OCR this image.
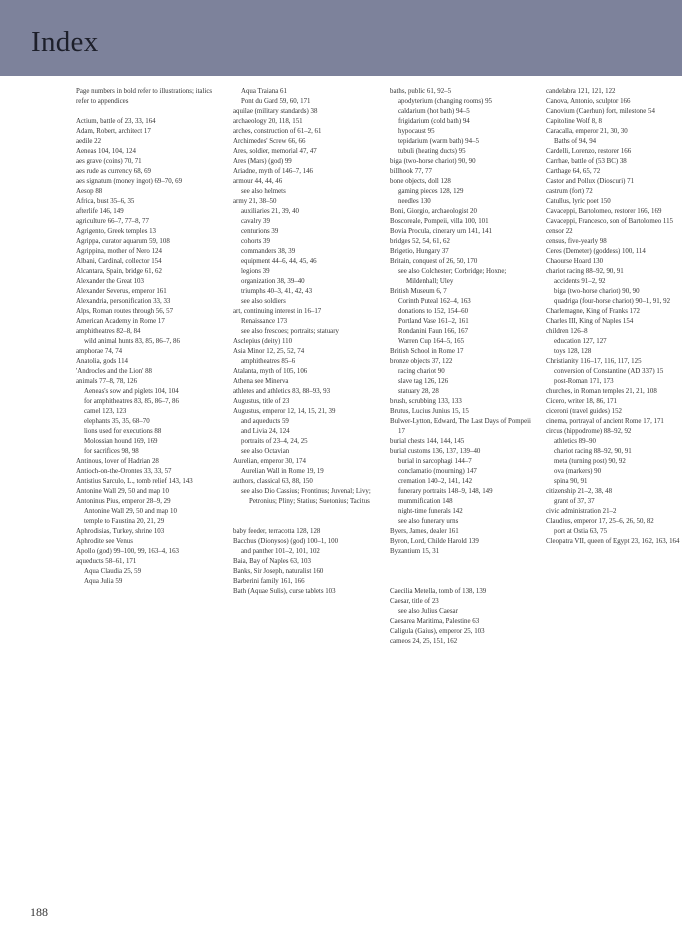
Index
Page numbers in bold refer to illustrations; italics refer to appendices
Actium, battle of 23, 33, 164
Adam, Robert, architect 17
aedile 22
Aeneas 104, 104, 124
aes grave (coins) 70, 71
aes rude as currency 68, 69
aes signatum (money ingot) 69–70, 69
Aesop 88
Africa, bust 35–6, 35
afterlife 146, 149
agriculture 66–7, 77–8, 77
Agrigento, Greek temples 13
Agrippa, curator aquarum 59, 108
Agrippina, mother of Nero 124
Albani, Cardinal, collector 154
Alcantara, Spain, bridge 61, 62
Alexander the Great 103
Alexander Severus, emperor 161
Alexandria, personification 33, 33
Alps, Roman routes through 56, 57
American Academy in Rome 17
amphitheatres 82–8, 84
wild animal hunts 83, 85, 86–7, 86
amphorae 74, 74
Anatolia, gods 114
'Androcles and the Lion' 88
animals 77–8, 78, 126
Aeneas's sow and piglets 104, 104
for amphitheatres 83, 85, 86–7, 86
camel 123, 123
elephants 35, 35, 68–70
lions used for executions 88
Molossian hound 169, 169
for sacrifices 98, 98
Antinous, lover of Hadrian 28
Antioch-on-the-Orontes 33, 33, 57
Antistius Sarculo, L., tomb relief 143, 143
Antonine Wall 29, 50 and map 10
Antoninus Pius, emperor 28–9, 29
Antonine Wall 29, 50 and map 10
temple to Faustina 20, 21, 29
Aphrodisias, Turkey, shrine 103
Aphrodite see Venus
Apollo (god) 99–100, 99, 163–4, 163
aqueducts 58–61, 171
Aqua Claudia 25, 59
Aqua Julia 59
Aqua Traiana 61
Pont du Gard 59, 60, 171
aquilae (military standards) 38
archaeology 20, 118, 151
arches, construction of 61–2, 61
Archimedes' Screw 66, 66
Ares, soldier, memorial 47, 47
Ares (Mars) (god) 99
Ariadne, myth of 146–7, 146
armour 44, 44, 46
see also helmets
army 21, 38–50
auxiliaries 21, 39, 40
cavalry 39
centurions 39
cohorts 39
commanders 38, 39
equipment 44–6, 44, 45, 46
legions 39
organization 38, 39–40
triumphs 40–3, 41, 42, 43
see also soldiers
art, continuing interest in 16–17
Renaissance 173
see also frescoes; portraits; statuary
Asclepius (deity) 110
Asia Minor 12, 25, 52, 74
amphitheatres 85–6
Atalanta, myth of 105, 106
Athena see Minerva
athletes and athletics 83, 88–93, 93
Augustus, title of 23
Augustus, emperor 12, 14, 15, 21, 39
and aqueducts 59
and Livia 24, 124
portraits of 23–4, 24, 25
see also Octavian
Aurelian, emperor 30, 174
Aurelian Wall in Rome 19, 19
authors, classical 63, 88, 150
see also Dio Cassius; Frontinus; Juvenal; Livy; Petronius; Pliny; Statius; Suetonius; Tacitus
baby feeder, terracotta 128, 128
Bacchus (Dionysos) (god) 100–1, 100
and panther 101–2, 101, 102
Baia, Bay of Naples 63, 103
Banks, Sir Joseph, naturalist 160
Barberini family 161, 166
Bath (Aquae Sulis), curse tablets 103
baths, public 61, 92–5
apodyterium (changing rooms) 95
caldarium (hot bath) 94–5
frigidarium (cold bath) 94
hypocaust 95
tepidarium (warm bath) 94–5
tubuli (heating ducts) 95
biga (two-horse chariot) 90, 90
billhook 77, 77
bone objects, doll 128
gaming pieces 128, 129
needles 130
Boni, Giorgio, archaeologist 20
Boscoreale, Pompeii, villa 100, 101
Bovia Procula, cinerary urn 141, 141
bridges 52, 54, 61, 62
Brigetio, Hungary 37
Britain, conquest of 26, 50, 170
see also Colchester; Corbridge; Hoxne; Mildenhall; Uley
British Museum 6, 7
Corinth Puteal 162–4, 163
donations to 152, 154–60
Portland Vase 161–2, 161
Rondanini Faun 166, 167
Warren Cup 164–5, 165
British School in Rome 17
bronze objects 37, 122
racing chariot 90
slave tag 126, 126
statuary 28, 28
brush, scrubbing 133, 133
Brutus, Lucius Junius 15, 15
Bulwer-Lytton, Edward, The Last Days of Pompeii 17
burial chests 144, 144, 145
burial customs 136, 137, 139–40
burial in sarcophagi 144–7
conclamatio (mourning) 147
cremation 140–2, 141, 142
funerary portraits 148–9, 148, 149
mummification 148
night-time funerals 142
see also funerary urns
Byers, James, dealer 161
Byron, Lord, Childe Harold 139
Byzantium 15, 31
Caecilia Metella, tomb of 138, 139
Caesar, title of 23
see also Julius Caesar
Caesarea Maritima, Palestine 63
Caligula (Gaius), emperor 25, 103
cameos 24, 25, 151, 162
candelabra 121, 121, 122
Canova, Antonio, sculptor 166
Canovium (Caerhun) fort, milestone 54
Capitoline Wolf 8, 8
Caracalla, emperor 21, 30, 30
Baths of 94, 94
Cardelli, Lorenzo, restorer 166
Carrhae, battle of (53 BC) 38
Carthage 64, 65, 72
Castor and Pollux (Dioscuri) 71
castrum (fort) 72
Catullus, lyric poet 150
Cavaceppi, Bartolomeo, restorer 166, 169
Cavaceppi, Francesco, son of Bartolomeo 115
censor 22
census, five-yearly 98
Ceres (Demeter) (goddess) 100, 114
Chaourse Hoard 130
chariot racing 88–92, 90, 91
accidents 91–2, 92
biga (two-horse chariot) 90, 90
quadriga (four-horse chariot) 90–1, 91, 92
Charlemagne, King of Franks 172
Charles III, King of Naples 154
children 126–8
education 127, 127
toys 128, 128
Christianity 116–17, 116, 117, 125
conversion of Constantine (AD 337) 15
post-Roman 171, 173
churches, in Roman temples 21, 21, 108
Cicero, writer 18, 86, 171
ciceroni (travel guides) 152
cinema, portrayal of ancient Rome 17, 171
circus (hippodrome) 88–92, 92
athletics 89–90
chariot racing 88–92, 90, 91
meta (turning post) 90, 92
ova (markers) 90
spina 90, 91
citizenship 21–2, 38, 48
grant of 37, 37
civic administration 21–2
Claudius, emperor 17, 25–6, 26, 50, 82
port at Ostia 63, 75
Cleopatra VII, queen of Egypt 23, 162, 163, 164
188
